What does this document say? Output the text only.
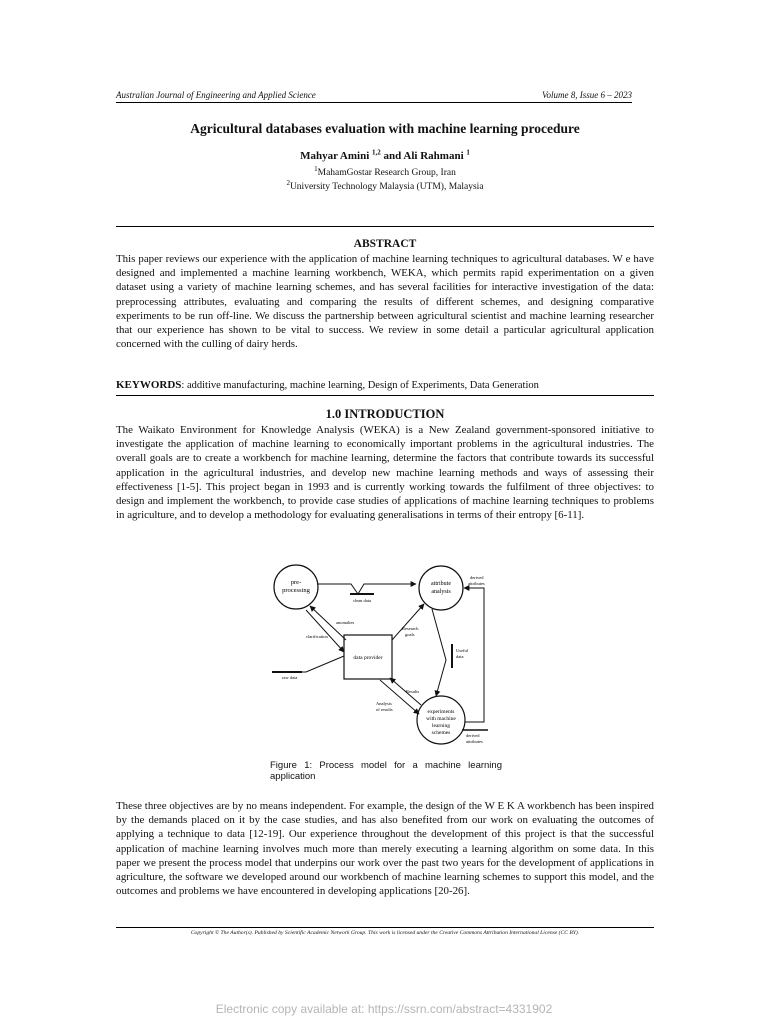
Australian Journal of Engineering and Applied Science	Volume 8, Issue 6 – 2023
Agricultural databases evaluation with machine learning procedure
Mahyar Amini $^{1,2}$ and Ali Rahmani $^1$
$^1$MahamGostar Research Group, Iran
$^2$University Technology Malaysia (UTM), Malaysia
ABSTRACT

This paper reviews our experience with the application of machine learning techniques to agricultural databases. W e have designed and implemented a machine learning workbench, WEKA, which permits rapid experimentation on a given dataset using a variety of machine learning schemes, and has several facilities for interactive investigation of the data: preprocessing attributes, evaluating and comparing the results of different schemes, and designing comparative experiments to be run off-line. We discuss the partnership between agricultural scientist and machine learning researcher that our experience has shown to be vital to success. We review in some detail a particular agricultural application concerned with the culling of dairy herds.

KEYWORDS: additive manufacturing, machine learning, Design of Experiments, Data Generation
1.0 INTRODUCTION

The Waikato Environment for Knowledge Analysis (WEKA) is a New Zealand government-sponsored initiative to investigate the application of machine learning to economically important problems in the agricultural industries. The overall goals are to create a workbench for machine learning, determine the factors that contribute towards its successful application in the agricultural industries, and develop new machine learning methods and ways of assessing their effectiveness [1-5]. This project began in 1993 and is currently working towards the fulfilment of three objectives: to design and implement the workbench, to provide case studies of applications of machine learning techniques to problems in agriculture, and to develop a methodology for evaluating generalisations in terms of their entropy [6-11].

pre-
processing
attribute
analysis
data provider
experiments
with machine
learning
schemes
clean data
derived
attributes
derived
attributes
anomalies
clarification
Research
goals
Useful
data
raw data
Results
Analysis
of results
Figure 1: Process model for a machine learning application

These three objectives are by no means independent. For example, the design of the W E K A workbench has been inspired by the demands placed on it by the case studies, and has also benefited from our work on evaluating the outcomes of applying a technique to data [12-19]. Our experience throughout the development of this project is that the successful application of machine learning involves much more than merely executing a learning algorithm on some data. In this paper we present the process model that underpins our work over the past two years for the development of applications in agriculture, the software we developed around our workbench of machine learning schemes to support this model, and the outcomes and problems we have encountered in developing applications [20-26].

Copyright © The Author(s). Published by Scientific Academic Network Group. This work is licensed under the Creative Commons Attribution International License (CC BY).
Electronic copy available at: https://ssrn.com/abstract=4331902
